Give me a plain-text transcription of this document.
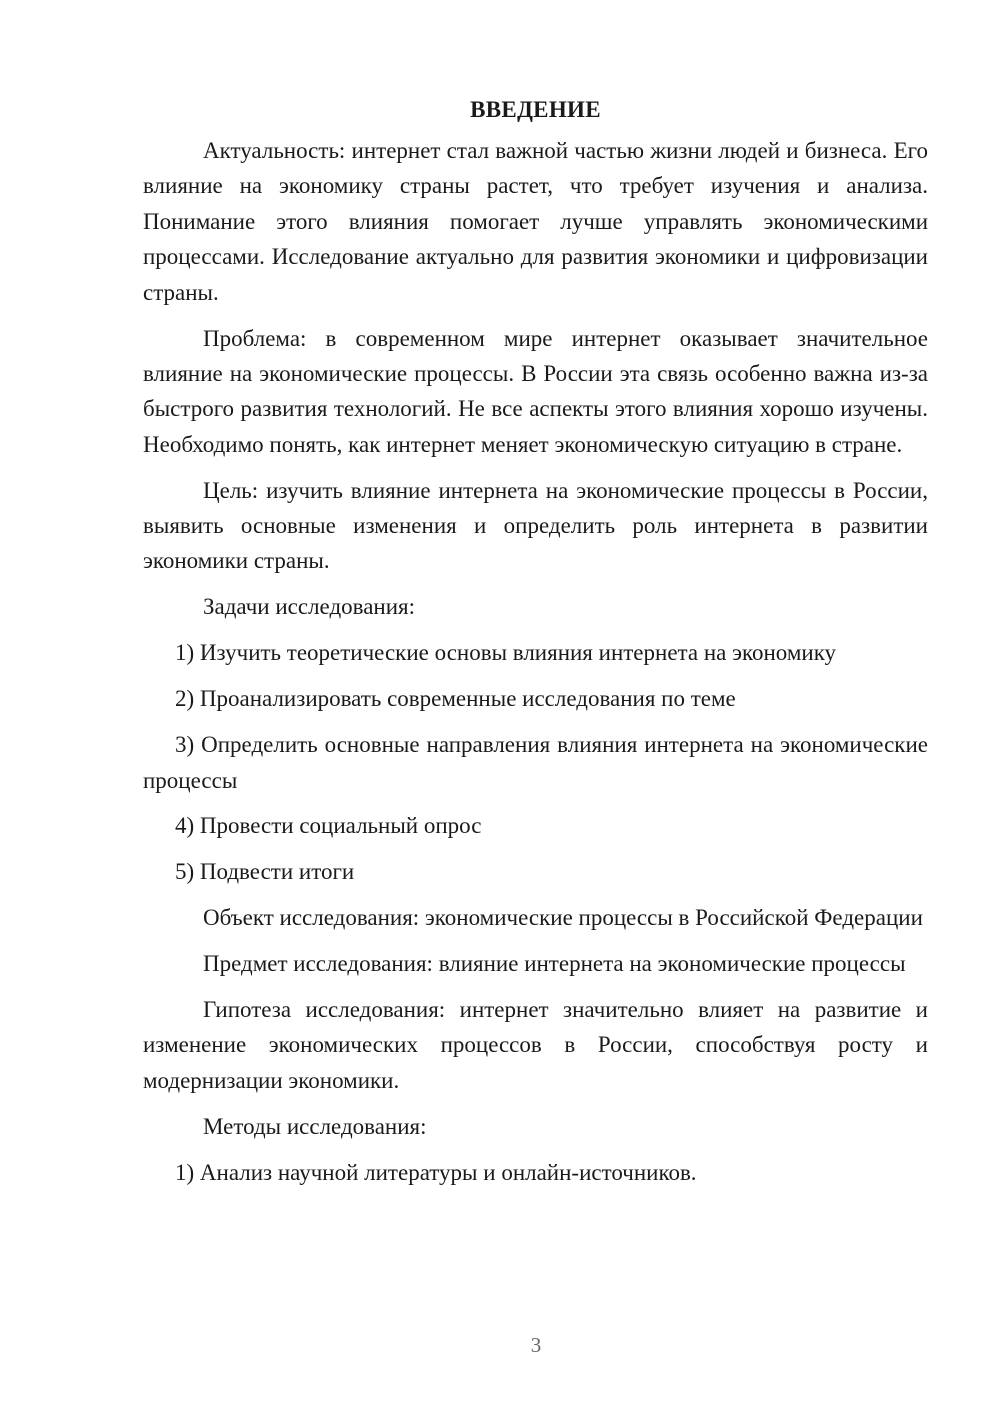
ВВЕДЕНИЕ

Актуальность: интернет стал важной частью жизни людей и бизнеса. Его влияние на экономику страны растет, что требует изучения и анализа. Понимание этого влияния помогает лучше управлять экономическими процессами. Исследование актуально для развития экономики и цифровизации страны.

Проблема: в современном мире интернет оказывает значительное влияние на экономические процессы. В России эта связь особенно важна из-за быстрого развития технологий. Не все аспекты этого влияния хорошо изучены. Необходимо понять, как интернет меняет экономическую ситуацию в стране.

Цель: изучить влияние интернета на экономические процессы в России, выявить основные изменения и определить роль интернета в развитии экономики страны.

Задачи исследования:

1) Изучить теоретические основы влияния интернета на экономику

2) Проанализировать современные исследования по теме

3) Определить основные направления влияния интернета на экономические процессы

4) Провести социальный опрос

5) Подвести итоги

Объект исследования: экономические процессы в Российской Федерации

Предмет исследования: влияние интернета на экономические процессы

Гипотеза исследования: интернет значительно влияет на развитие и изменение экономических процессов в России, способствуя росту и модернизации экономики.

Методы исследования:

1) Анализ научной литературы и онлайн-источников.

3
